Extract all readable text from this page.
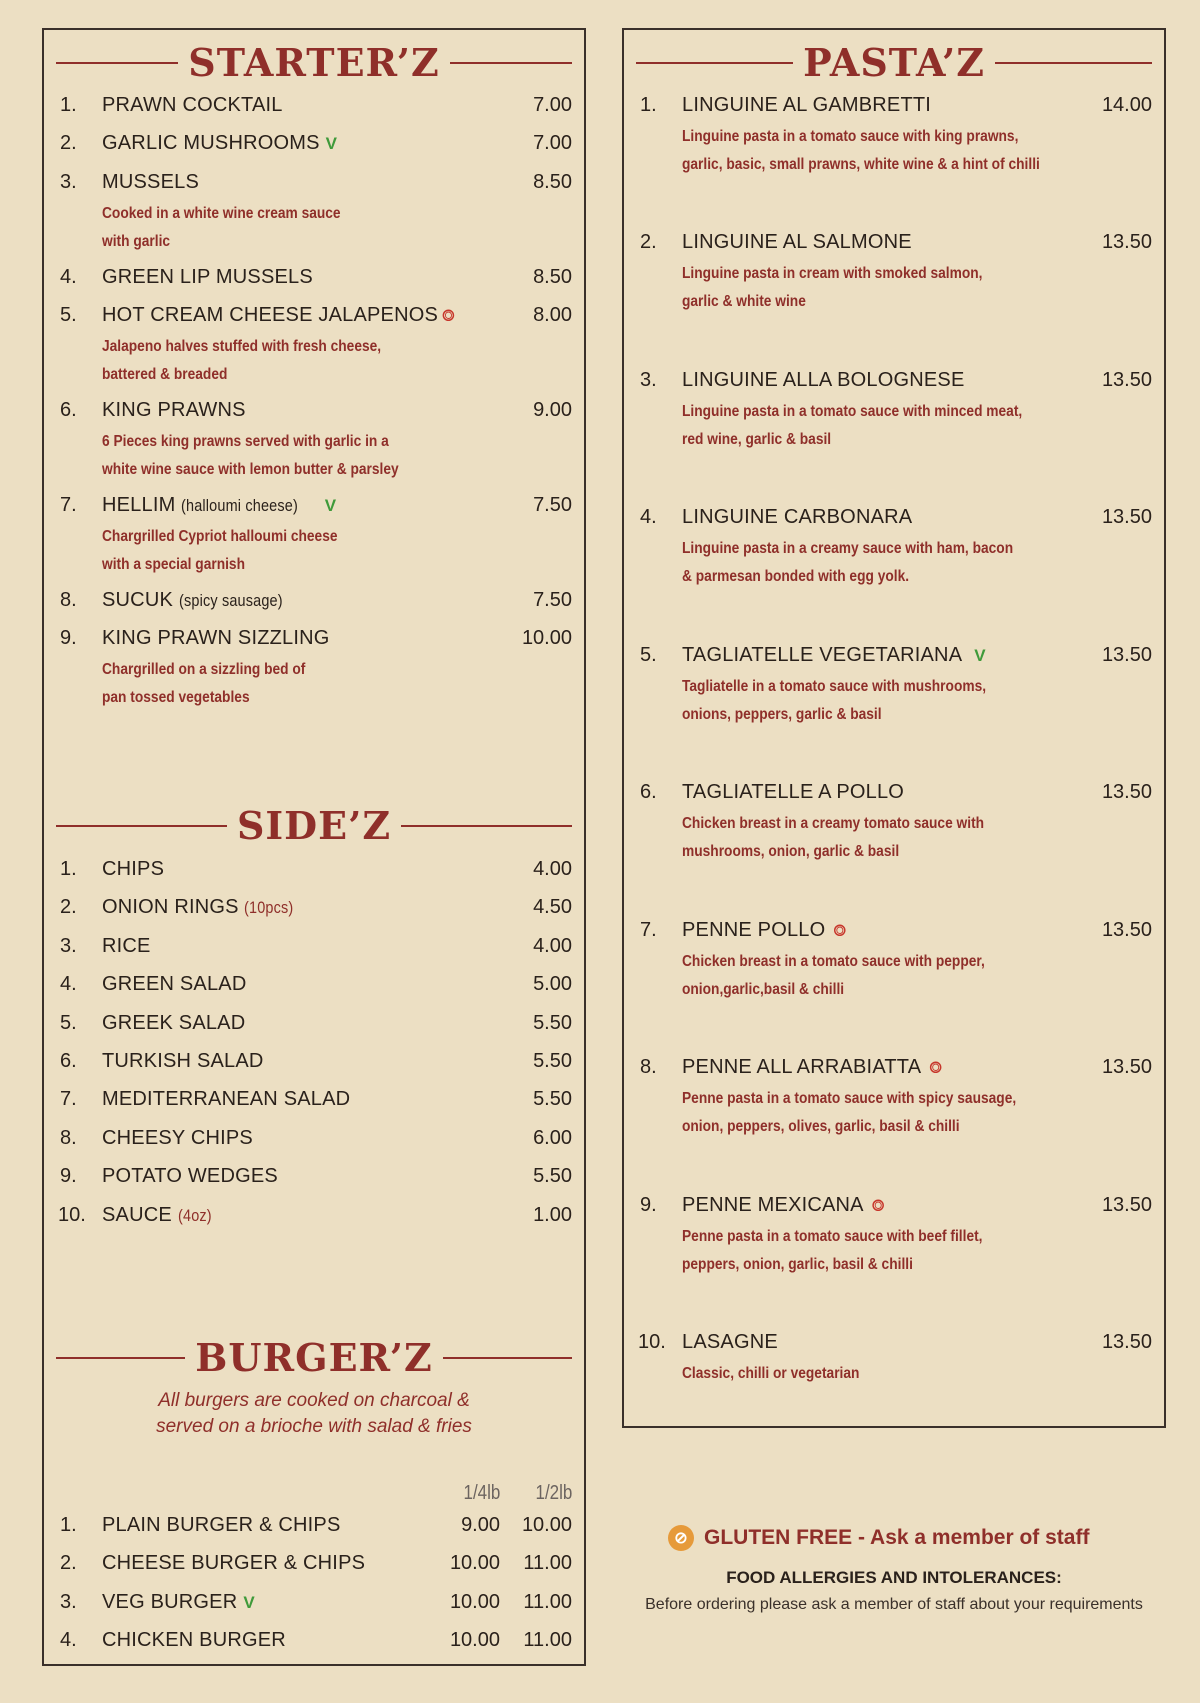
STARTER’Z
1. PRAWN COCKTAIL	7.00
2. GARLIC MUSHROOMS V	7.00
3. MUSSELS	8.50
Cooked in a white wine cream sauce
with garlic
4. GREEN LIP MUSSELS	8.50
5. HOT CREAM CHEESE JALAPENOS ⭗	8.00
Jalapeno halves stuffed with fresh cheese,
battered & breaded
6. KING PRAWNS	9.00
6 Pieces king prawns served with garlic in a
white wine sauce with lemon butter & parsley
7. HELLIM (halloumi cheese) V	7.50
Chargrilled Cypriot halloumi cheese
with a special garnish
8. SUCUK (spicy sausage)	7.50
9. KING PRAWN SIZZLING	10.00
Chargrilled on a sizzling bed of
pan tossed vegetables
SIDE’Z
1. CHIPS	4.00
2. ONION RINGS (10pcs)	4.50
3. RICE	4.00
4. GREEN SALAD	5.00
5. GREEK SALAD	5.50
6. TURKISH SALAD	5.50
7. MEDITERRANEAN SALAD	5.50
8. CHEESY CHIPS	6.00
9. POTATO WEDGES	5.50
10. SAUCE (4oz)	1.00
BURGER’Z
All burgers are cooked on charcoal &
served on a brioche with salad & fries
1/4lb 1/2lb
1. PLAIN BURGER & CHIPS	9.00 10.00
2. CHEESE BURGER & CHIPS	10.00 11.00
3. VEG BURGER V	10.00 11.00
4. CHICKEN BURGER	10.00 11.00
PASTA’Z
1. LINGUINE AL GAMBRETTI	14.00
Linguine pasta in a tomato sauce with king prawns,
garlic, basic, small prawns, white wine & a hint of chilli
2. LINGUINE AL SALMONE	13.50
Linguine pasta in cream with smoked salmon,
garlic & white wine
3. LINGUINE ALLA BOLOGNESE	13.50
Linguine pasta in a tomato sauce with minced meat,
red wine, garlic & basil
4. LINGUINE CARBONARA	13.50
Linguine pasta in a creamy sauce with ham, bacon
& parmesan bonded with egg yolk.
5. TAGLIATELLE VEGETARIANA V	13.50
Tagliatelle in a tomato sauce with mushrooms,
onions, peppers, garlic & basil
6. TAGLIATELLE A POLLO	13.50
Chicken breast in a creamy tomato sauce with
mushrooms, onion, garlic & basil
7. PENNE POLLO ⭗	13.50
Chicken breast in a tomato sauce with pepper,
onion,garlic,basil & chilli
8. PENNE ALL ARRABIATTA ⭗	13.50
Penne pasta in a tomato sauce with spicy sausage,
onion, peppers, olives, garlic, basil & chilli
9. PENNE MEXICANA ⭗	13.50
Penne pasta in a tomato sauce with beef fillet,
peppers, onion, garlic, basil & chilli
10. LASAGNE	13.50
Classic, chilli or vegetarian
⊘ GLUTEN FREE - Ask a member of staff
FOOD ALLERGIES AND INTOLERANCES:
Before ordering please ask a member of staff about your requirements
